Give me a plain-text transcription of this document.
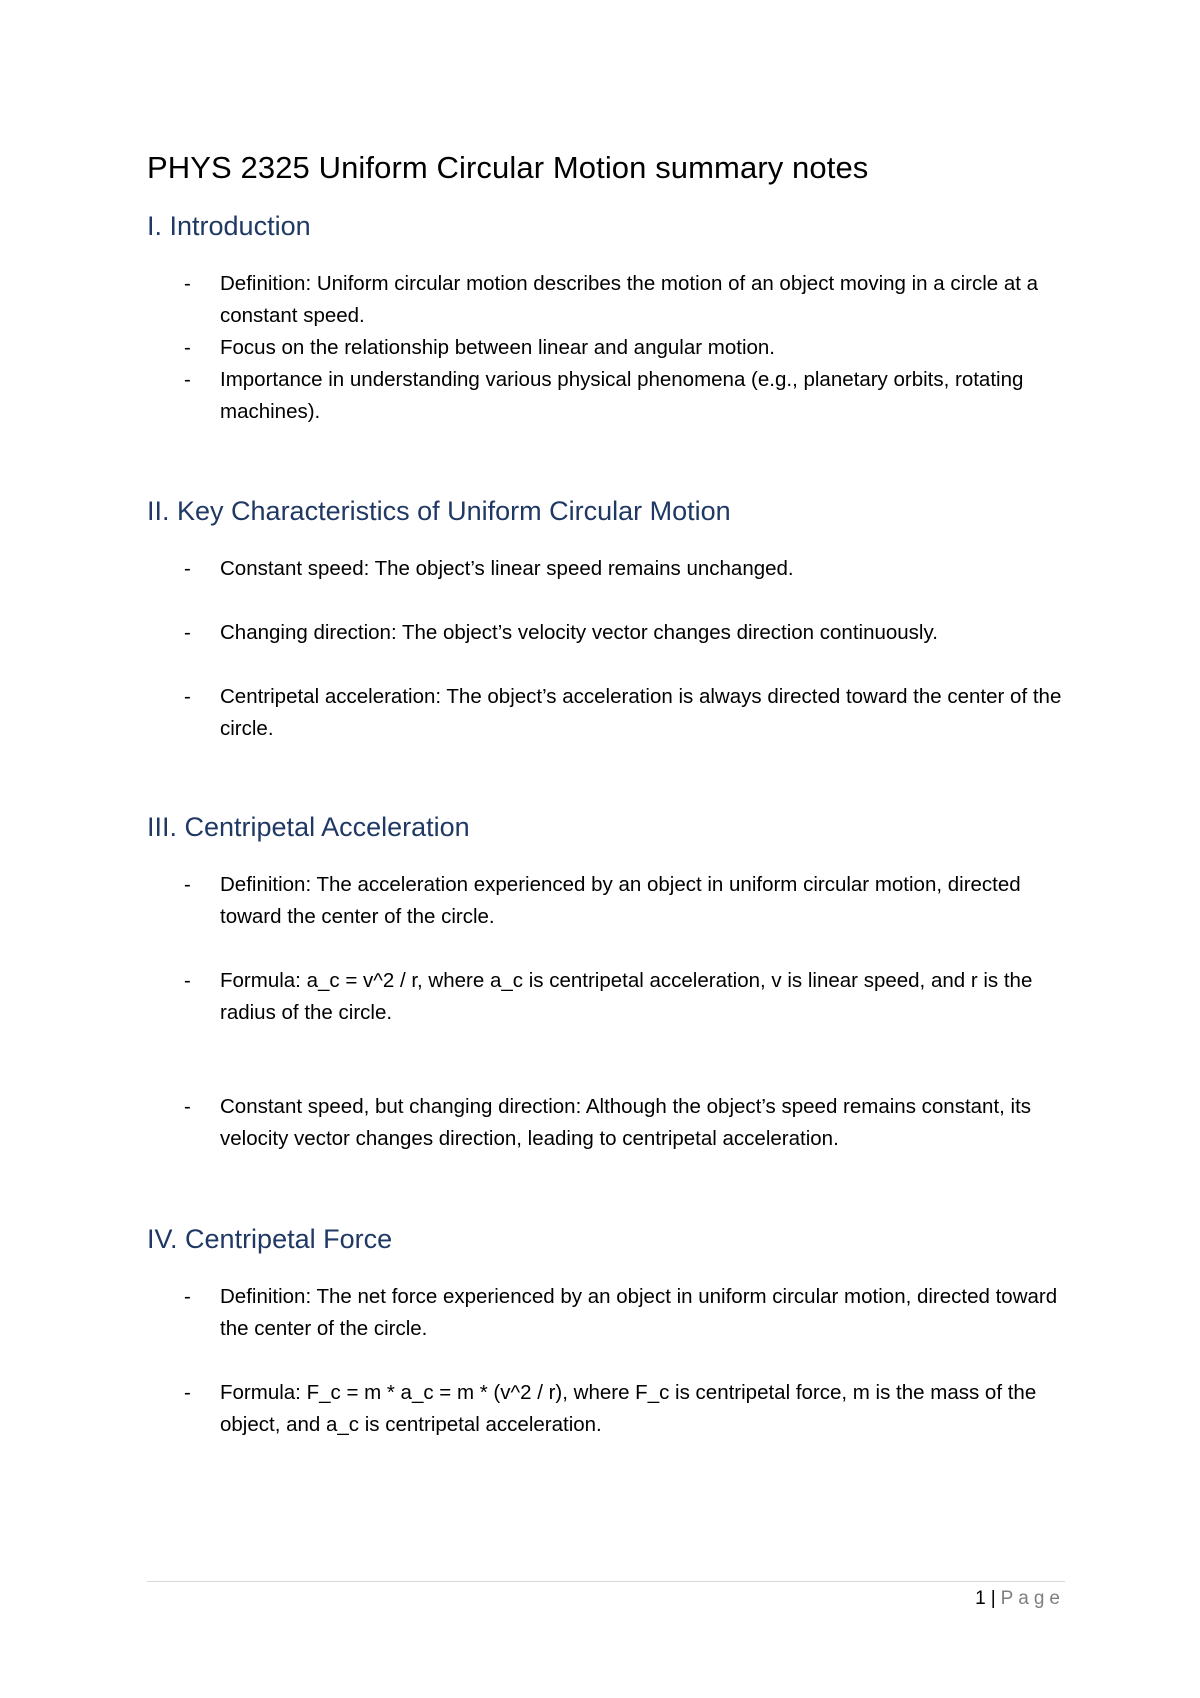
PHYS 2325 Uniform Circular Motion summary notes
I. Introduction
- Definition: Uniform circular motion describes the motion of an object moving in a circle at a constant speed.
- Focus on the relationship between linear and angular motion.
- Importance in understanding various physical phenomena (e.g., planetary orbits, rotating machines).
II. Key Characteristics of Uniform Circular Motion
- Constant speed: The object’s linear speed remains unchanged.
- Changing direction: The object’s velocity vector changes direction continuously.
- Centripetal acceleration: The object’s acceleration is always directed toward the center of the circle.
III. Centripetal Acceleration
- Definition: The acceleration experienced by an object in uniform circular motion, directed toward the center of the circle.
- Formula: a_c = v^2 / r, where a_c is centripetal acceleration, v is linear speed, and r is the radius of the circle.
- Constant speed, but changing direction: Although the object’s speed remains constant, its velocity vector changes direction, leading to centripetal acceleration.
IV. Centripetal Force
- Definition: The net force experienced by an object in uniform circular motion, directed toward the center of the circle.
- Formula: F_c = m * a_c = m * (v^2 / r), where F_c is centripetal force, m is the mass of the object, and a_c is centripetal acceleration.
1 | Page
